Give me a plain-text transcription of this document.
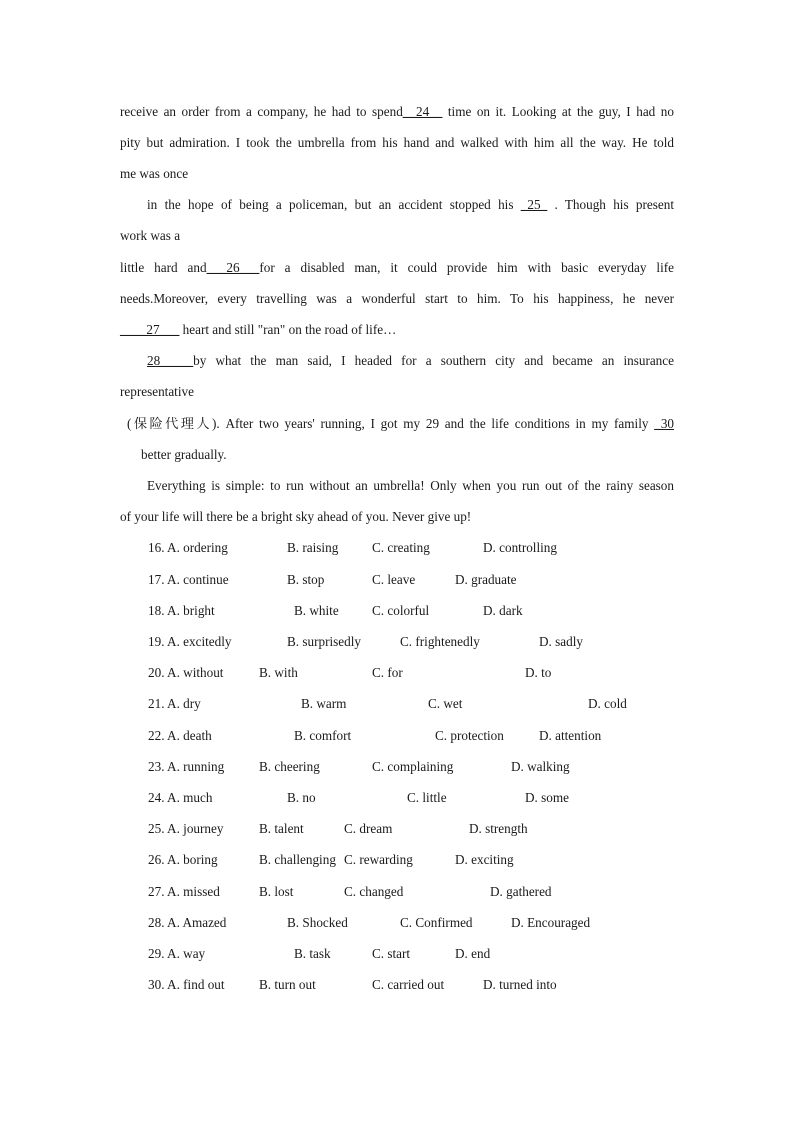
receive an order from a company, he had to spend__24__ time on it. Looking at the guy, I had no
pity but admiration. I took the umbrella from his hand and walked with him all the way. He told
me was once
in the hope of being a policeman, but an accident stopped his _25_ . Though his present
work was a
little hard and___26___for a disabled man, it could provide him with basic everyday life
needs.Moreover, every travelling was a wonderful start to him. To his happiness, he never
____27___ heart and still "ran" on the road of life…
28_____by what the man said, I headed for a southern city and became an insurance
representative
(保险代理人). After two years' running, I got my 29 and the life conditions in my family _30
better gradually.
Everything is simple: to run without an umbrella! Only when you run out of the rainy season
of your life will there be a bright sky ahead of you. Never give up!
16. A. ordering	B. raising	C. creating	D. controlling
17. A. continue	B. stop	C. leave	D. graduate
18. A. bright	B. white	C. colorful	D. dark
19. A. excitedly	B. surprisedly	C. frightenedly	D. sadly
20. A. without	B. with	C. for	D. to
21. A. dry	B. warm	C. wet	D. cold
22. A. death	B. comfort	C. protection	D. attention
23. A. running	B. cheering	C. complaining	D. walking
24. A. much	B. no	C. little	D. some
25. A. journey	B. talent	C. dream	D. strength
26. A. boring	B. challenging C. rewarding	D. exciting
27. A. missed	B. lost	C. changed	D. gathered
28. A. Amazed	B. Shocked	C. Confirmed	D. Encouraged
29. A. way	B. task	C. start	D. end
30. A. find out	B. turn out	C. carried out	D. turned into
